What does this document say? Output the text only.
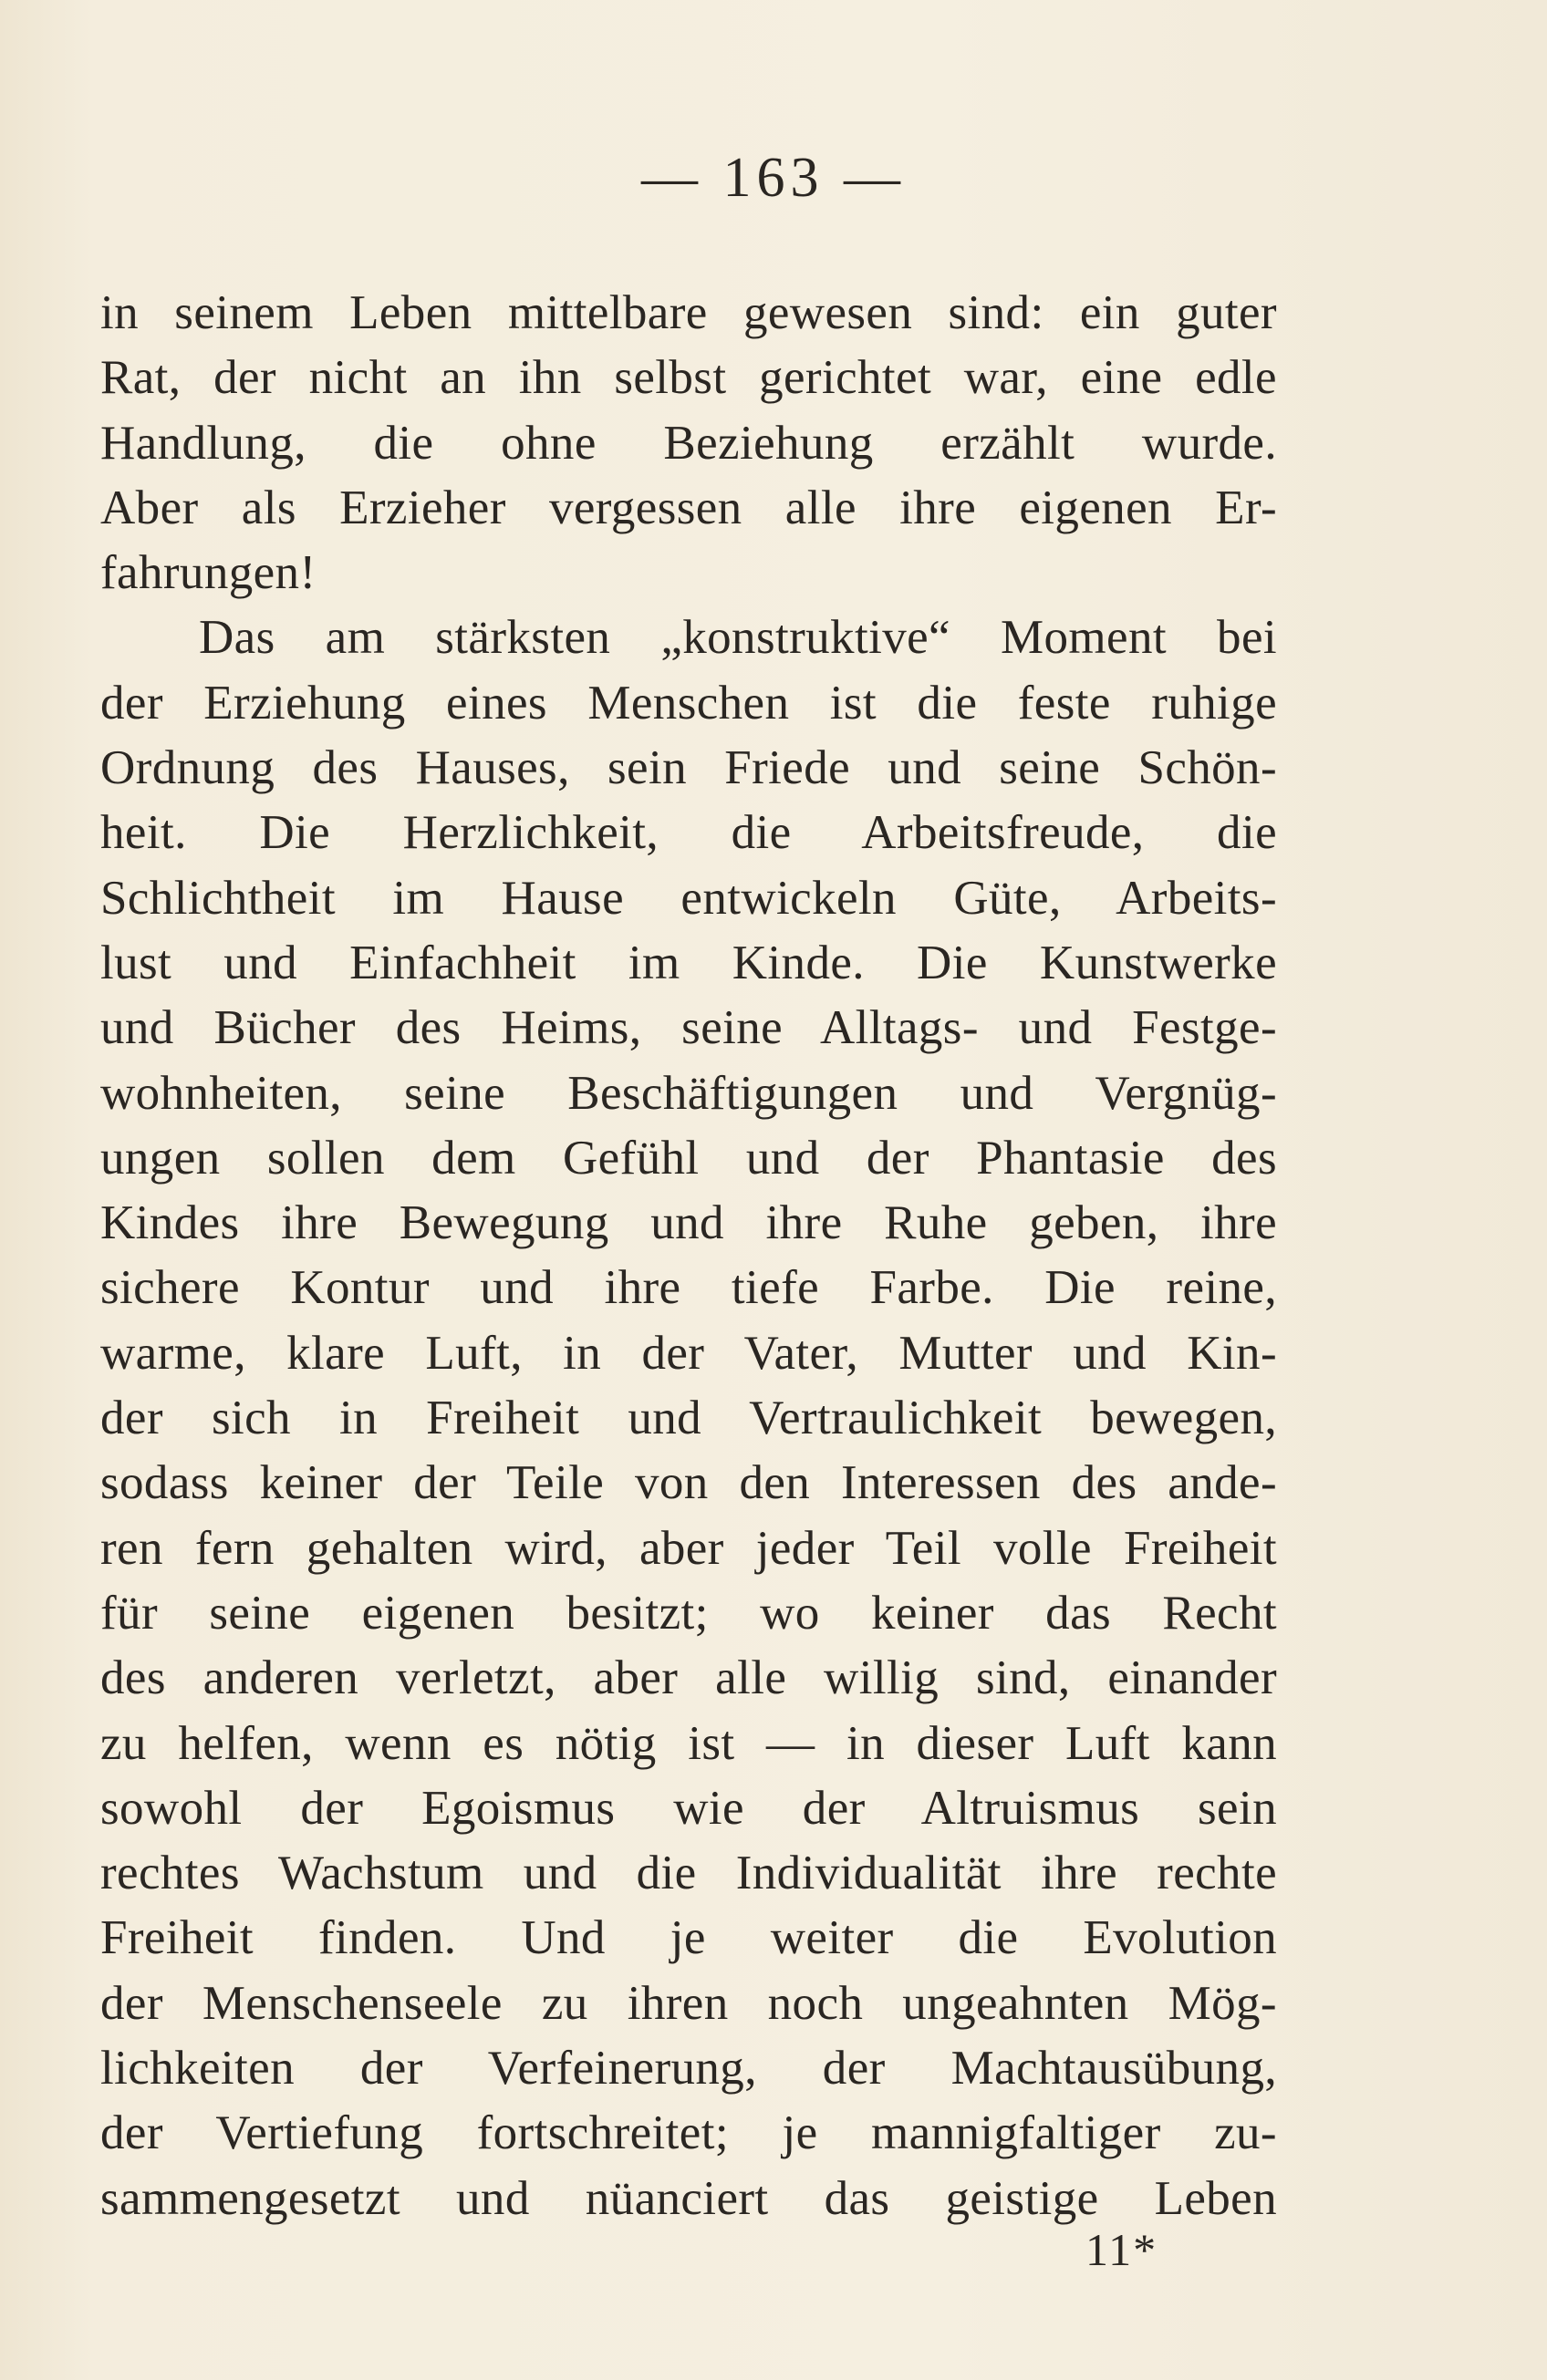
— 163 —
in seinem Leben mittelbare gewesen sind: ein guter
Rat, der nicht an ihn selbst gerichtet war, eine edle
Handlung, die ohne Beziehung erzählt wurde.
Aber als Erzieher vergessen alle ihre eigenen Er-
fahrungen!
Das am stärksten „konstruktive“ Moment bei
der Erziehung eines Menschen ist die feste ruhige
Ordnung des Hauses, sein Friede und seine Schön-
heit. Die Herzlichkeit, die Arbeitsfreude, die
Schlichtheit im Hause entwickeln Güte, Arbeits-
lust und Einfachheit im Kinde. Die Kunstwerke
und Bücher des Heims, seine Alltags- und Festge-
wohnheiten, seine Beschäftigungen und Vergnüg-
ungen sollen dem Gefühl und der Phantasie des
Kindes ihre Bewegung und ihre Ruhe geben, ihre
sichere Kontur und ihre tiefe Farbe. Die reine,
warme, klare Luft, in der Vater, Mutter und Kin-
der sich in Freiheit und Vertraulichkeit bewegen,
sodass keiner der Teile von den Interessen des ande-
ren fern gehalten wird, aber jeder Teil volle Freiheit
für seine eigenen besitzt; wo keiner das Recht
des anderen verletzt, aber alle willig sind, einander
zu helfen, wenn es nötig ist — in dieser Luft kann
sowohl der Egoismus wie der Altruismus sein
rechtes Wachstum und die Individualität ihre rechte
Freiheit finden. Und je weiter die Evolution
der Menschenseele zu ihren noch ungeahnten Mög-
lichkeiten der Verfeinerung, der Machtausübung,
der Vertiefung fortschreitet; je mannigfaltiger zu-
sammengesetzt und nüanciert das geistige Leben
11*
